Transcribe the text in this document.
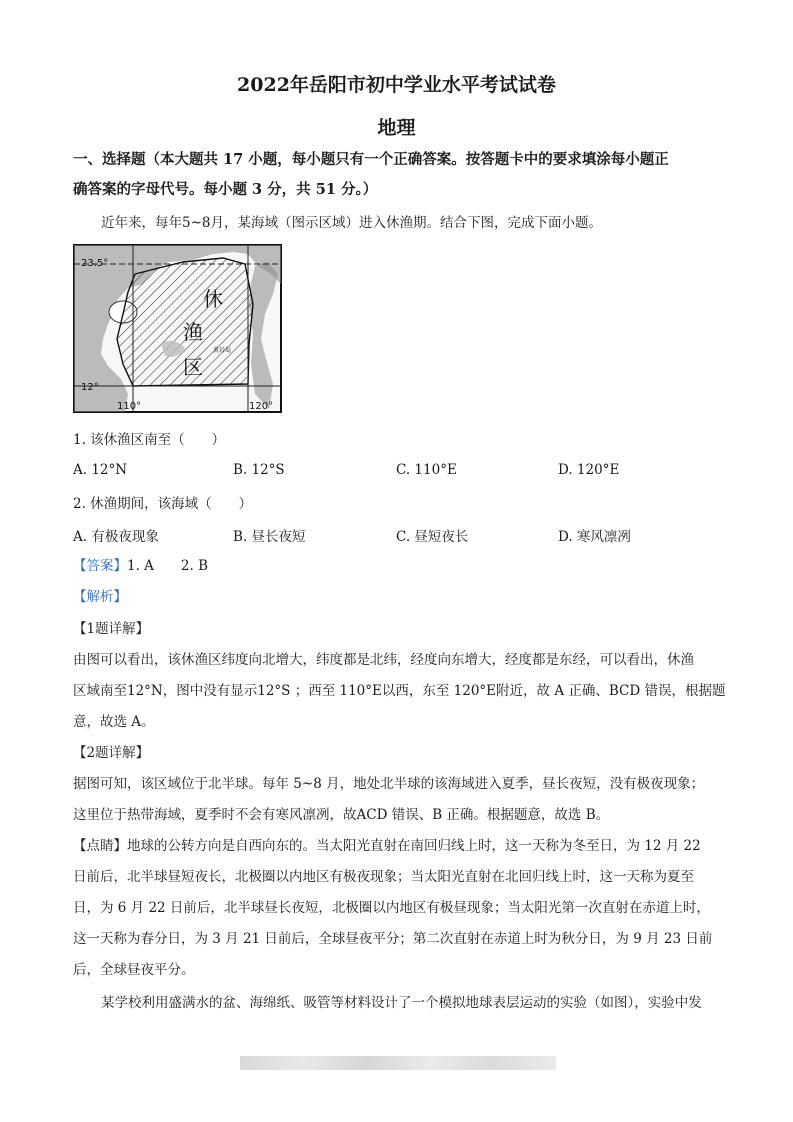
2022年岳阳市初中学业水平考试试卷
地理
一、选择题（本大题共 17 小题，每小题只有一个正确答案。按答题卡中的要求填涂每小题正
确答案的字母代号。每小题 3 分，共 51 分。）
近年来，每年5~8月，某海域（图示区域）进入休渔期。结合下图，完成下面小题。
23.5°
12°
110°	120°
休
渔
区
黄岩岛
1. 该休渔区南至（　　）
A. 12°N	B. 12°S	C. 110°E	D. 120°E
2. 休渔期间，该海域（　　）
A. 有极夜现象	B. 昼长夜短	C. 昼短夜长	D. 寒风凛冽
【答案】1. A　　2. B
【解析】
【1题详解】
由图可以看出，该休渔区纬度向北增大，纬度都是北纬，经度向东增大，经度都是东经，可以看出，休渔
区域南至12°N，图中没有显示12°S ；西至 110°E以西，东至 120°E附近，故 A 正确、BCD 错误，根据题
意，故选 A。
【2题详解】
据图可知，该区域位于北半球。每年 5~8 月，地处北半球的该海域进入夏季，昼长夜短，没有极夜现象；
这里位于热带海域，夏季时不会有寒风凛冽，故ACD 错误、B 正确。根据题意，故选 B。
【点睛】地球的公转方向是自西向东的。当太阳光直射在南回归线上时，这一天称为冬至日，为 12 月 22
日前后，北半球昼短夜长，北极圈以内地区有极夜现象；当太阳光直射在北回归线上时，这一天称为夏至
日，为 6 月 22 日前后，北半球昼长夜短，北极圈以内地区有极昼现象；当太阳光第一次直射在赤道上时，
这一天称为春分日，为 3 月 21 日前后，全球昼夜平分；第二次直射在赤道上时为秋分日，为 9 月 23 日前
后，全球昼夜平分。
某学校利用盛满水的盆、海绵纸、吸管等材料设计了一个模拟地球表层运动的实验（如图），实验中发
